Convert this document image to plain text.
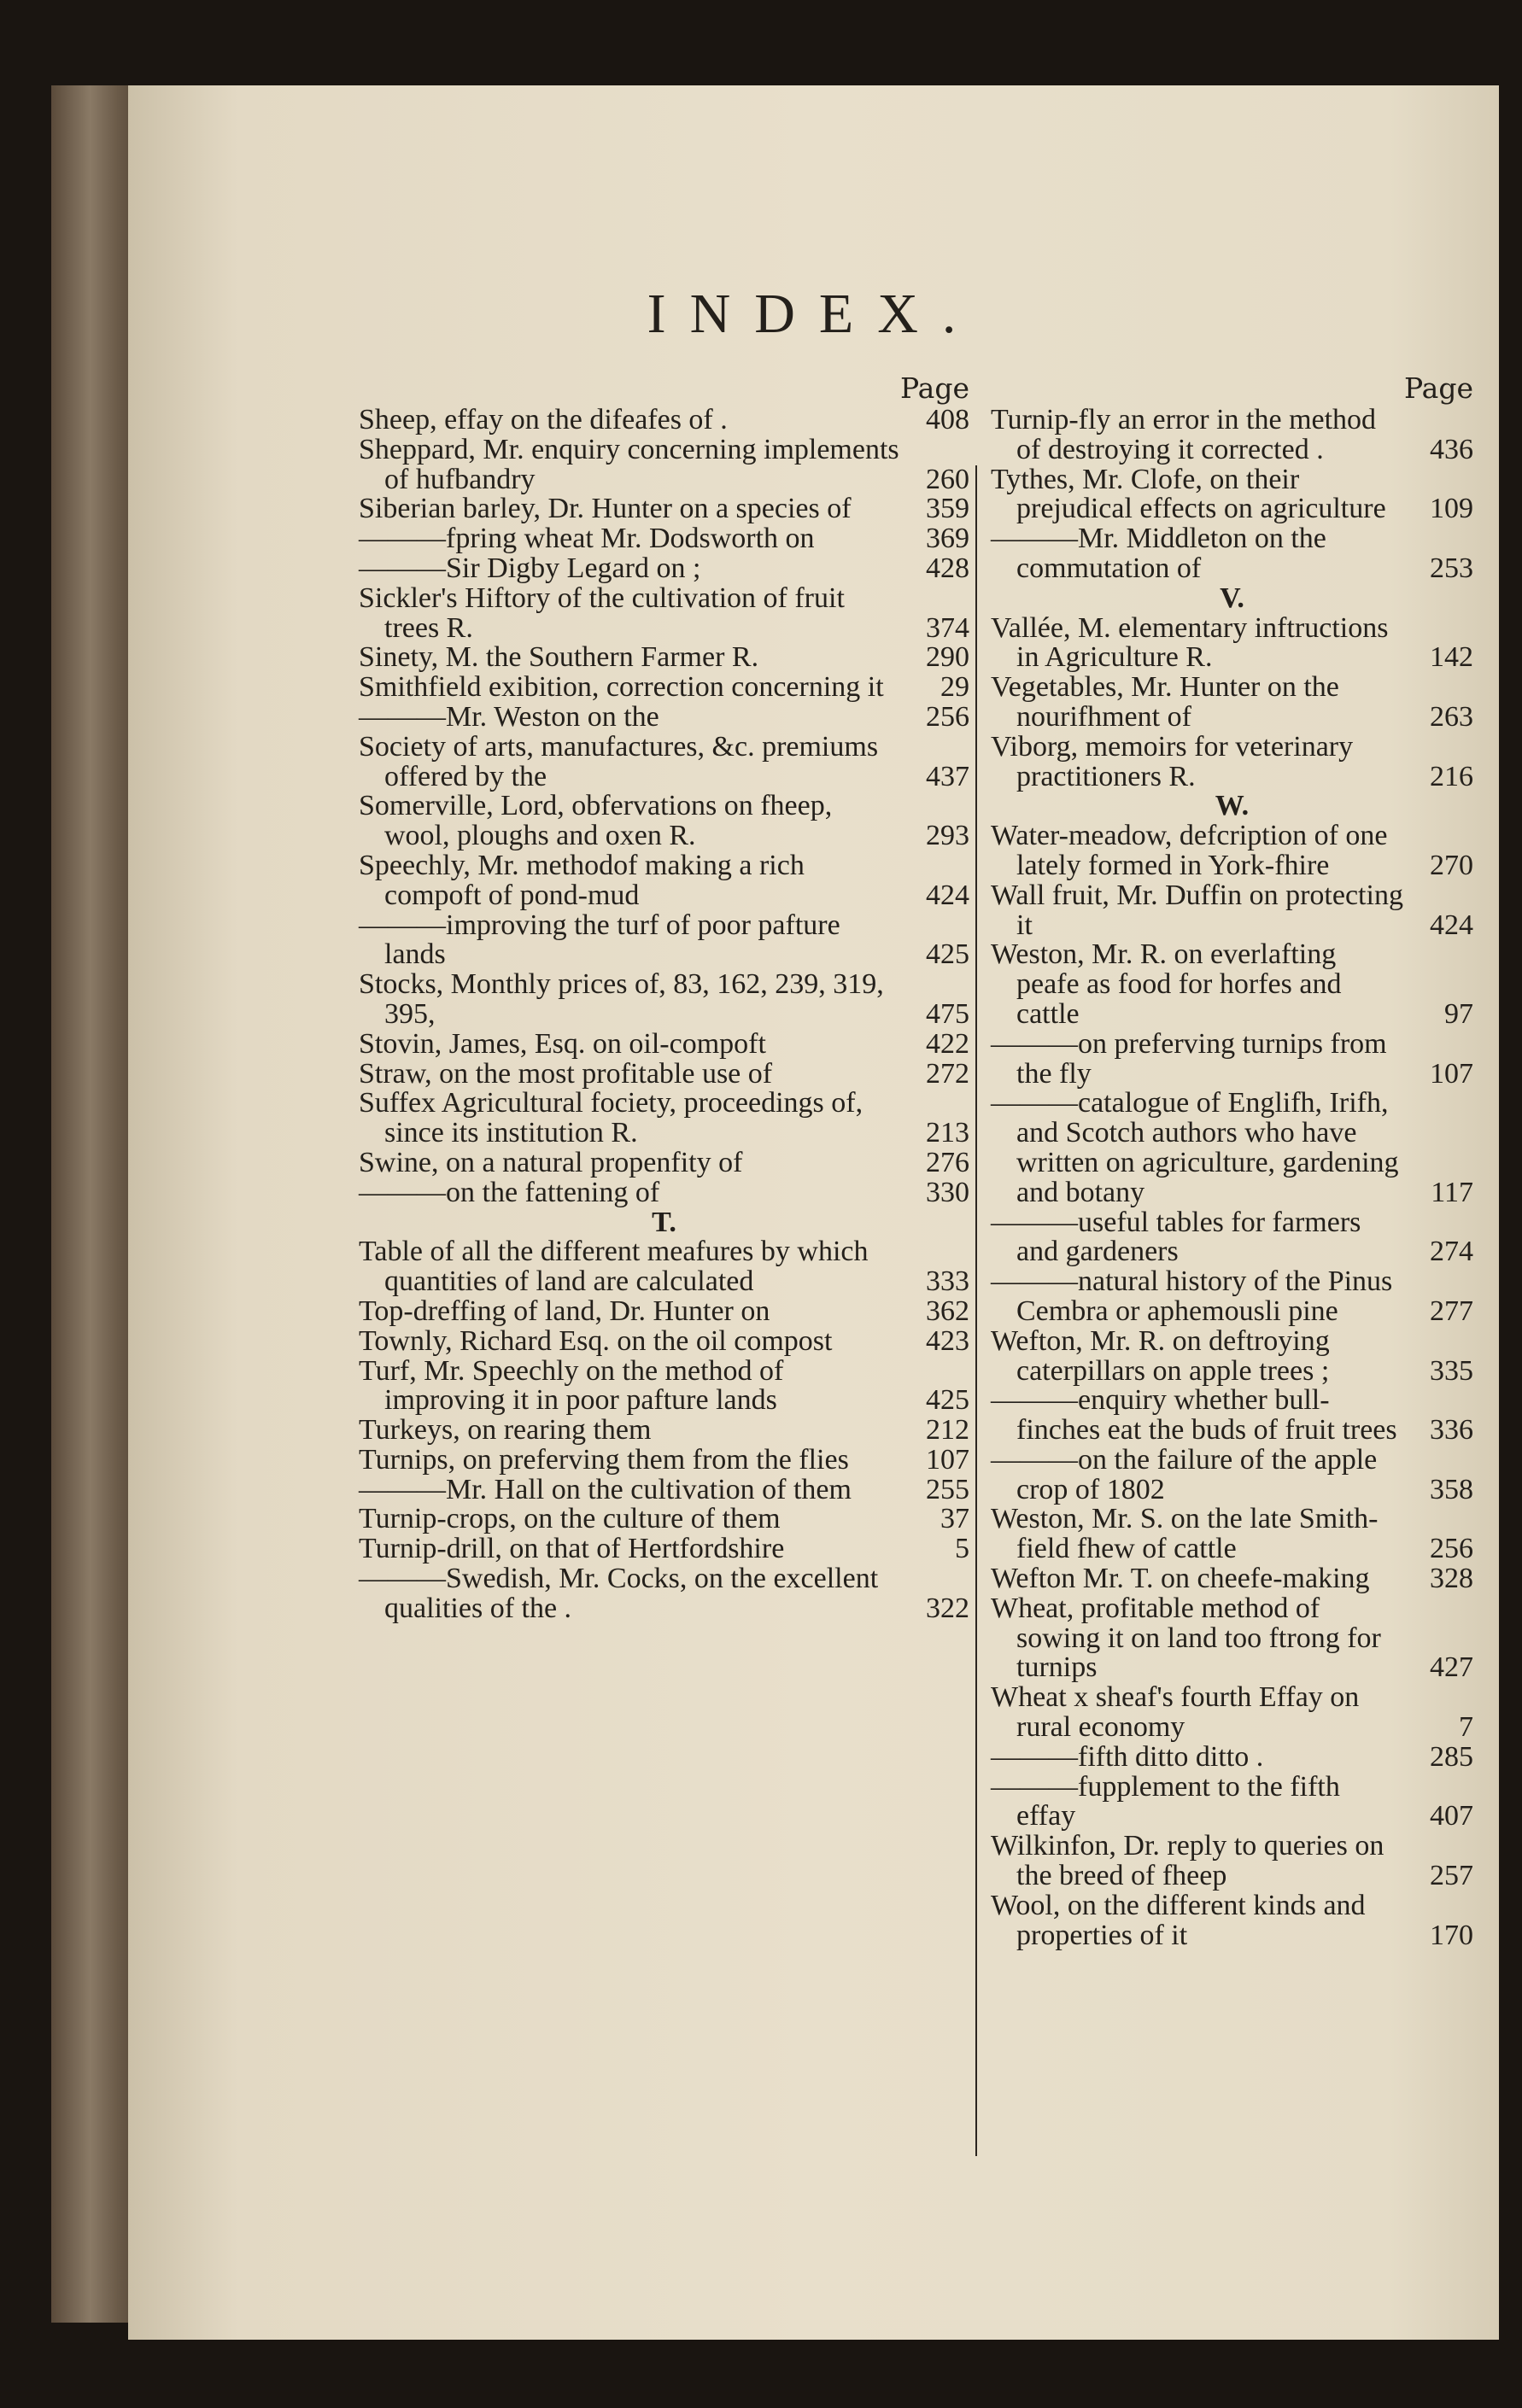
INDEX.
Page
Sheep, effay on the difeafes of .	408
Sheppard, Mr. enquiry concerning implements of hufbandry	260
Siberian barley, Dr. Hunter on a species of	359
———fpring wheat Mr. Dodsworth on	369
———Sir Digby Legard on ;	428
Sickler's Hiftory of the cultivation of fruit trees R.	374
Sinety, M. the Southern Farmer R.	290
Smithfield exibition, correction concerning it 29
———Mr. Weston on the	256
Society of arts, manufactures, &c. premiums offered by the	437
Somerville, Lord, obfervations on fheep, wool, ploughs and oxen R.	293
Speechly, Mr. methodof making a rich compoft of pond-mud	424
———improving the turf of poor pafture lands	425
Stocks, Monthly prices of, 83, 162, 239, 319, 395,	475
Stovin, James, Esq. on oil-compoft	422
Straw, on the most profitable use of	272
Suffex Agricultural fociety, proceedings of, since its institution R.	213
Swine, on a natural propenfity of	276
———on the fattening of	330
T.
Table of all the different meafures by which quantities of land are calculated	333
Top-dreffing of land, Dr. Hunter on	362
Townly, Richard Esq. on the oil compost	423
Turf, Mr. Speechly on the method of improving it in poor pafture lands	425
Turkeys, on rearing them	212
Turnips, on preferving them from the flies	107
———Mr. Hall on the cultivation of them	255
Turnip-crops, on the culture of them	37
Turnip-drill, on that of Hertfordshire	5
———Swedish, Mr. Cocks, on the excellent qualities of the .	322
Page
Turnip-fly an error in the method of destroying it corrected .	436
Tythes, Mr. Clofe, on their prejudical effects on agriculture 109
———Mr. Middleton on the commutation of	253
V.
Vallée, M. elementary inftructions in Agriculture R.	142
Vegetables, Mr. Hunter on the nourifhment of	263
Viborg, memoirs for veterinary practitioners R.	216
W.
Water-meadow, defcription of one lately formed in York-fhire	270
Wall fruit, Mr. Duffin on protecting it	424
Weston, Mr. R. on everlafting peafe as food for horfes and cattle	97
———on preferving turnips from the fly	107
———catalogue of Englifh, Irifh, and Scotch authors who have written on agriculture, gardening and botany	117
———useful tables for farmers and gardeners	274
———natural history of the Pinus Cembra or aphemousli pine	277
Wefton, Mr. R. on deftroying caterpillars on apple trees ;	335
———enquiry whether bull-finches eat the buds of fruit trees 336
———on the failure of the apple crop of 1802	358
Weston, Mr. S. on the late Smith-field fhew of cattle	256
Wefton Mr. T. on cheefe-making 328
Wheat, profitable method of sowing it on land too ftrong for turnips	427
Wheat x sheaf's fourth Effay on rural economy	7
———fifth ditto ditto .	285
———fupplement to the fifth effay	407
Wilkinfon, Dr. reply to queries on the breed of fheep	257
Wool, on the different kinds and properties of it	170
